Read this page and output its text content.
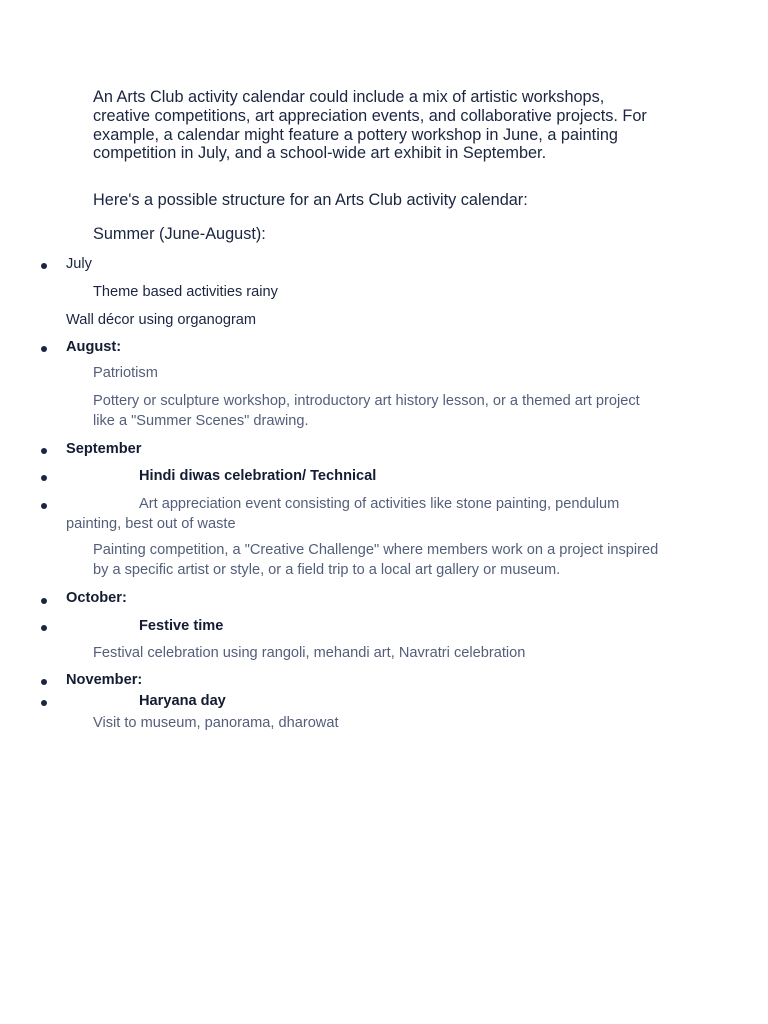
An Arts Club activity calendar could include a mix of artistic workshops, creative competitions, art appreciation events, and collaborative projects. For example, a calendar might feature a pottery workshop in June, a painting competition in July, and a school-wide art exhibit in September.
Here's a possible structure for an Arts Club activity calendar:
Summer (June-August):
July
Theme based activities rainy
Wall décor using organogram
August:
Patriotism
Pottery or sculpture workshop, introductory art history lesson, or a themed art project like a "Summer Scenes" drawing.
September
Hindi diwas celebration/ Technical
Art appreciation event consisting of activities like stone painting, pendulum painting, best out of waste
Painting competition, a "Creative Challenge" where members work on a project inspired by a specific artist or style, or a field trip to a local art gallery or museum.
October:
Festive time
Festival celebration using rangoli, mehandi art, Navratri celebration
November:
Haryana day
Visit to museum, panorama, dharowat
